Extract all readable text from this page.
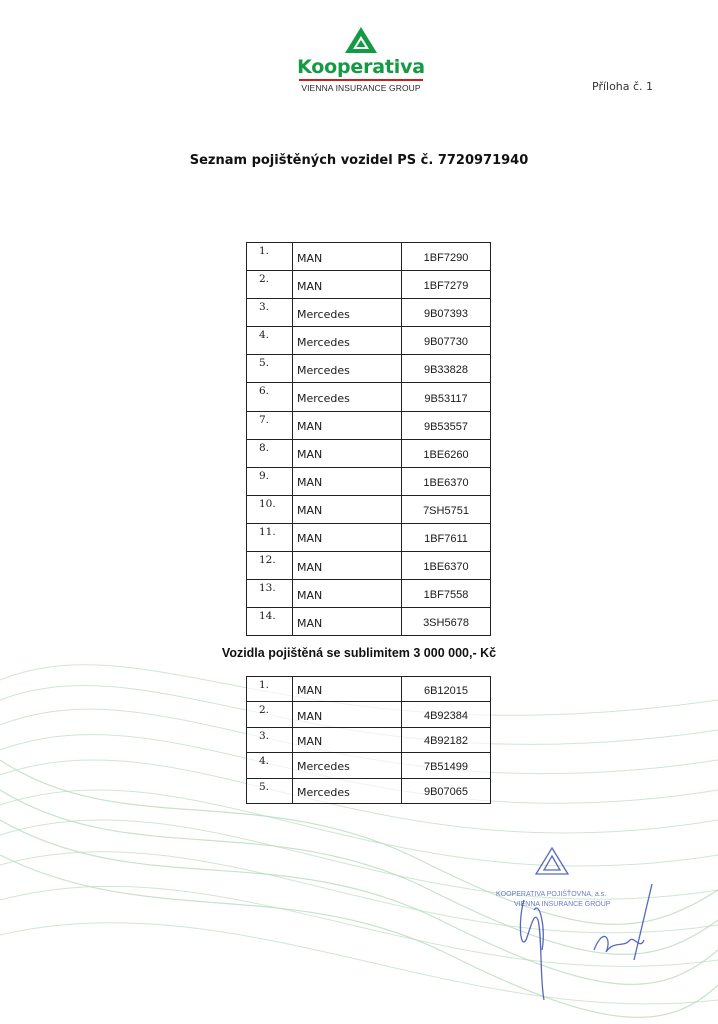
Kooperativa
VIENNA INSURANCE GROUP	Příloha č. 1
Seznam pojištěných vozidel PS č. 7720971940
1.	MAN	1BF7290
2.	MAN	1BF7279
3.	Mercedes	9B07393
4.	Mercedes	9B07730
5.	Mercedes	9B33828
6.	Mercedes	9B53117
7.	MAN	9B53557
8.	MAN	1BE6260
9.	MAN	1BE6370
10.	MAN	7SH5751
11.	MAN	1BF7611
12.	MAN	1BE6370
13.	MAN	1BF7558
14.	MAN	3SH5678
Vozidla pojištěná se sublimitem 3 000 000,- Kč
1.	MAN	6B12015
2.	MAN	4B92384
3.	MAN	4B92182
4.	Mercedes	7B51499
5.	Mercedes	9B07065
KOOPERATIVA POJIŠŤOVNA, a.s.
VIENNA INSURANCE GROUP
